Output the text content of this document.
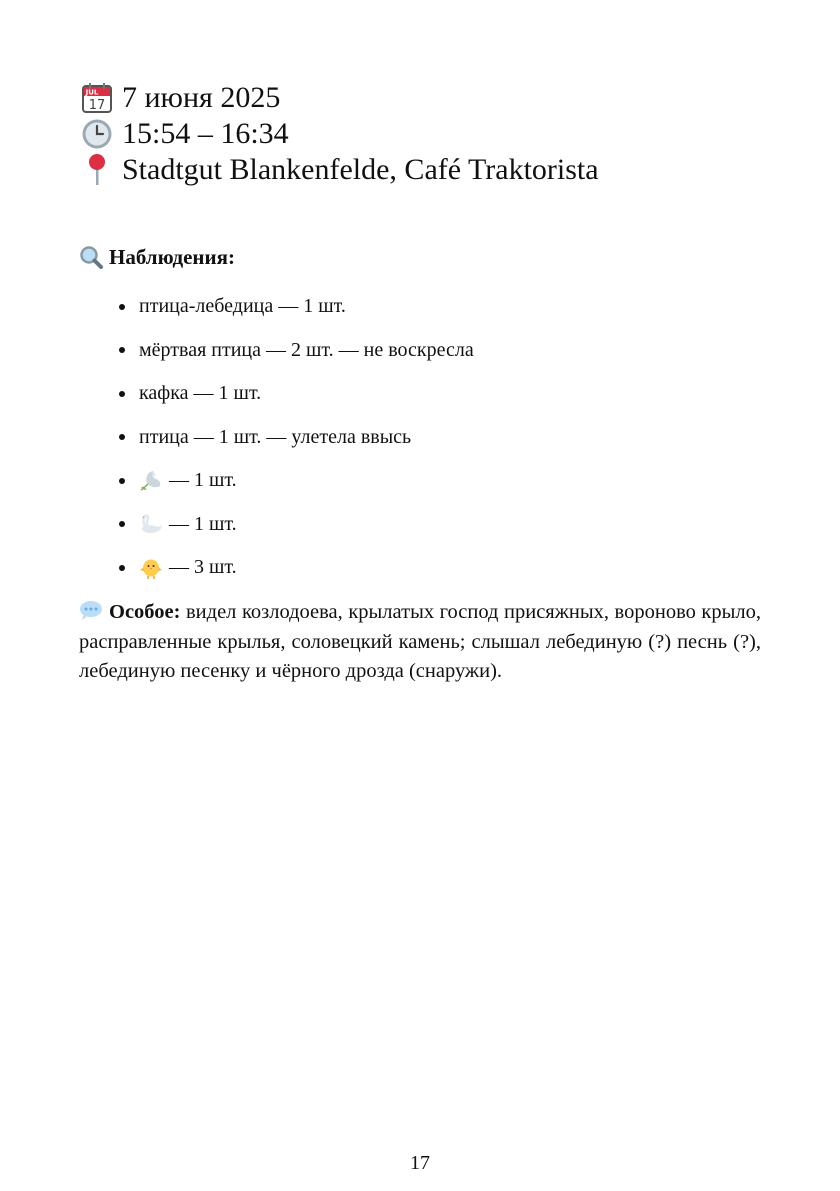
JUL
17 7 июня 2025
15:54 – 16:34
Stadtgut Blankenfelde, Café Traktorista
Наблюдения:
птица-лебедица — 1 шт.
мёртвая птица — 2 шт. — не воскресла
кафка — 1 шт.
птица — 1 шт. — улетела ввысь
— 1 шт.
— 1 шт.
— 3 шт.
Особое: видел козлодоева, крылатых господ присяжных, вороново крыло, расправленные крылья, соловецкий камень; слышал лебединую (?) песнь (?), лебединую песенку и чёрного дрозда (снаружи).
17
